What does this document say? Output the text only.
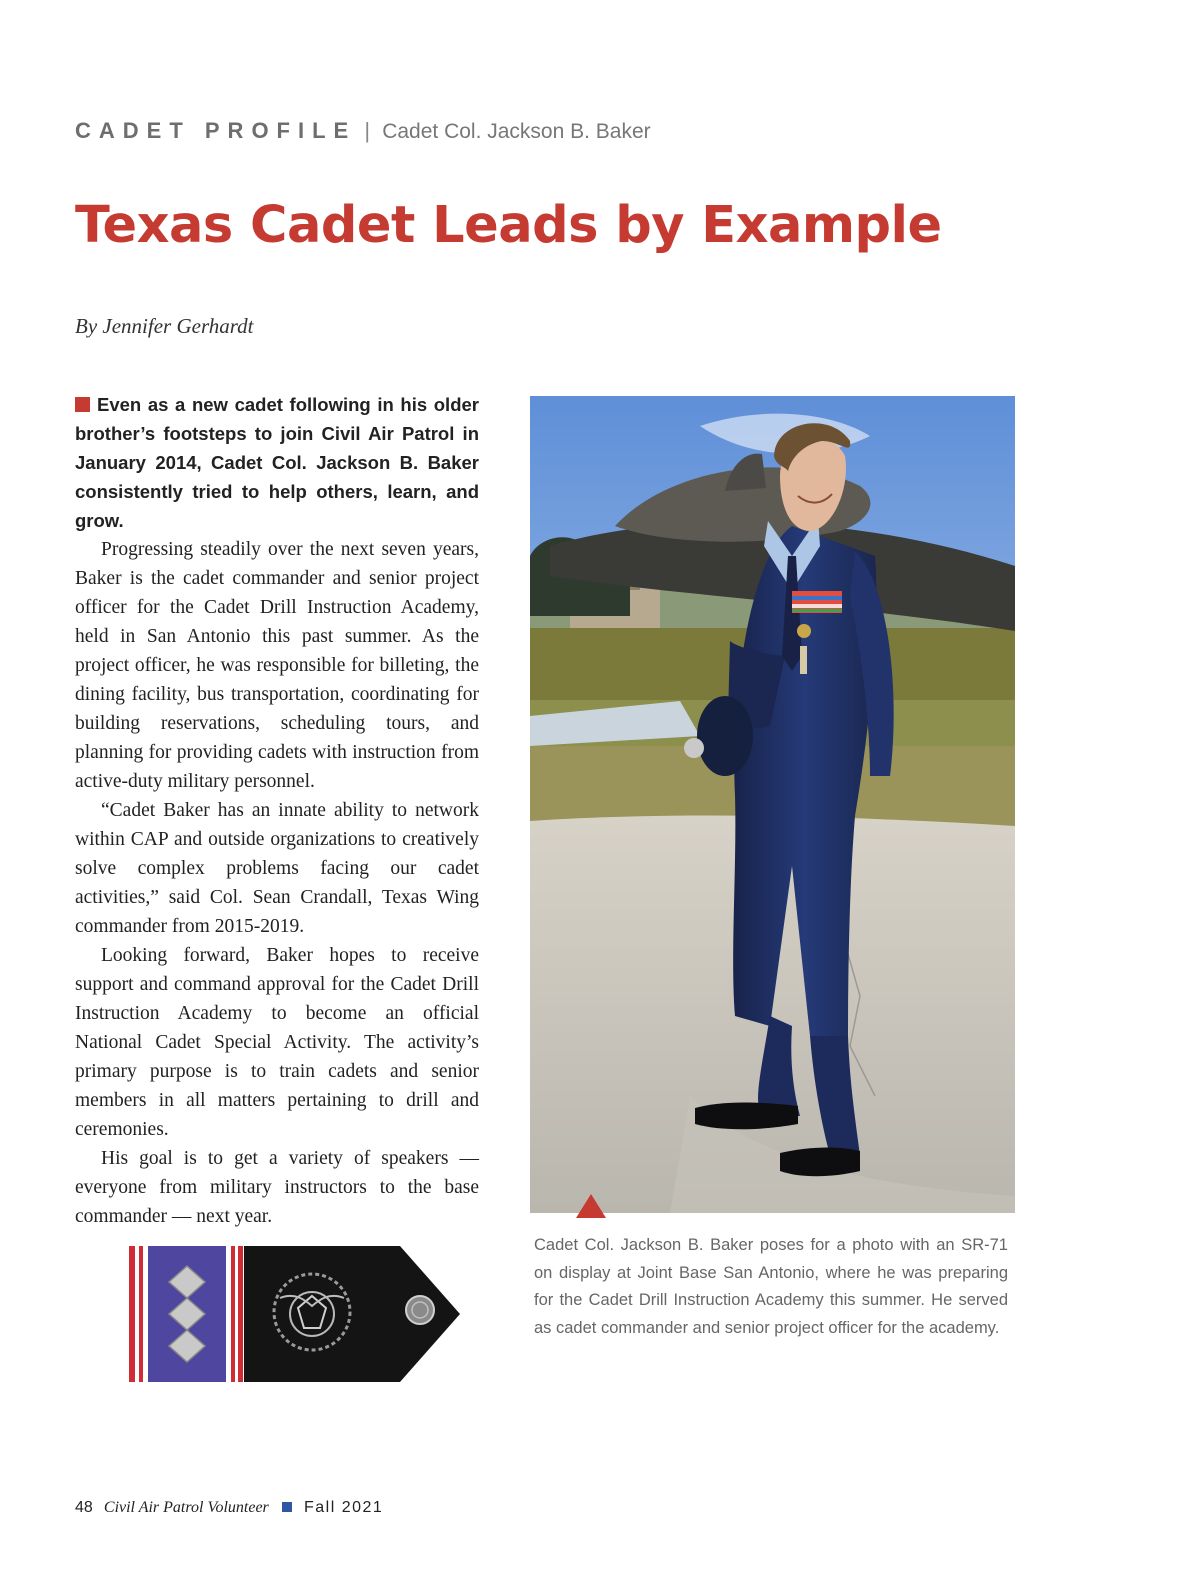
CADET PROFILE | Cadet Col. Jackson B. Baker
Texas Cadet Leads by Example
By Jennifer Gerhardt

Even as a new cadet following in his older brother’s footsteps to join Civil Air Patrol in January 2014, Cadet Col. Jackson B. Baker consistently tried to help others, learn, and grow.

Progressing steadily over the next seven years, Baker is the cadet commander and senior project officer for the Cadet Drill Instruction Academy, held in San Antonio this past summer. As the project officer, he was responsible for billeting, the dining facility, bus transportation, coordinating for building reservations, scheduling tours, and planning for providing cadets with instruction from active-duty military personnel.

“Cadet Baker has an innate ability to network within CAP and outside organizations to creatively solve complex problems facing our cadet activities,” said Col. Sean Crandall, Texas Wing commander from 2015-2019.

Looking forward, Baker hopes to receive support and command approval for the Cadet Drill Instruction Academy to become an official National Cadet Special Activity. The activity’s primary purpose is to train cadets and senior members in all matters pertaining to drill and ceremonies.

His goal is to get a variety of speakers — everyone from military instructors to the base commander — next year.

Cadet Col. Jackson B. Baker poses for a photo with an SR-71 on display at Joint Base San Antonio, where he was preparing for the Cadet Drill Instruction Academy this summer. He served as cadet commander and senior project officer for the academy.

48 Civil Air Patrol Volunteer Fall 2021
